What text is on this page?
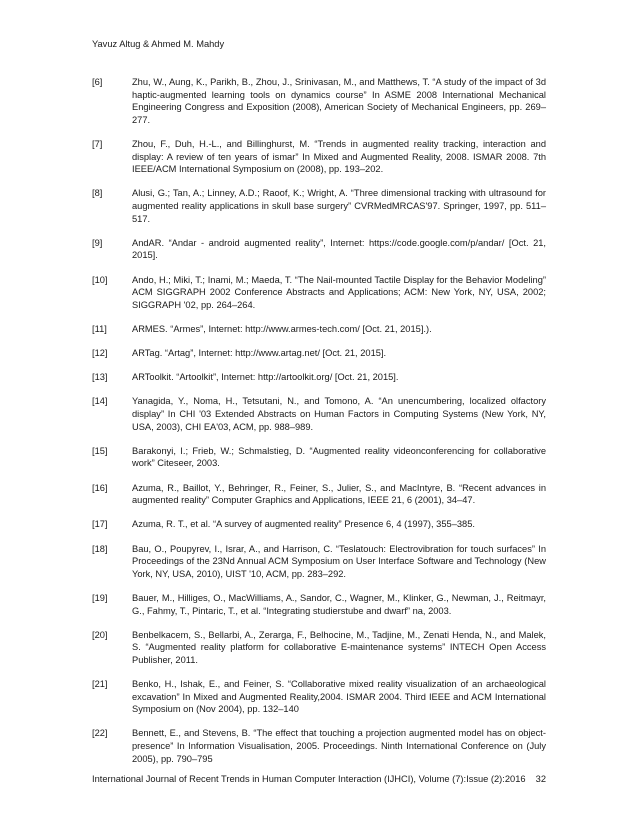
Yavuz Altug & Ahmed M. Mahdy
[6]	Zhu, W., Aung, K., Parikh, B., Zhou, J., Srinivasan, M., and Matthews, T. “A study of the impact of 3d haptic-augmented learning tools on dynamics course” In ASME 2008 International Mechanical Engineering Congress and Exposition (2008), American Society of Mechanical Engineers, pp. 269–277.
[7]	Zhou, F., Duh, H.-L., and Billinghurst, M. “Trends in augmented reality tracking, interaction and display: A review of ten years of ismar” In Mixed and Augmented Reality, 2008. ISMAR 2008. 7th IEEE/ACM International Symposium on (2008), pp. 193–202.
[8]	Alusi, G.; Tan, A.; Linney, A.D.; Raoof, K.; Wright, A. “Three dimensional tracking with ultrasound for augmented reality applications in skull base surgery” CVRMedMRCAS'97. Springer, 1997, pp. 511–517.
[9]	AndAR. “Andar - android augmented reality”, Internet: https://code.google.com/p/andar/ [Oct. 21, 2015].
[10]	Ando, H.; Miki, T.; Inami, M.; Maeda, T. “The Nail-mounted Tactile Display for the Behavior Modeling” ACM SIGGRAPH 2002 Conference Abstracts and Applications; ACM: New York, NY, USA, 2002; SIGGRAPH '02, pp. 264–264.
[11]	ARMES. “Armes”, Internet: http://www.armes-tech.com/ [Oct. 21, 2015].).
[12]	ARTag. “Artag”, Internet: http://www.artag.net/ [Oct. 21, 2015].
[13]	ARToolkit. “Artoolkit”, Internet: http://artoolkit.org/ [Oct. 21, 2015].
[14]	Yanagida, Y., Noma, H., Tetsutani, N., and Tomono, A. “An unencumbering, localized olfactory display” In CHI '03 Extended Abstracts on Human Factors in Computing Systems (New York, NY, USA, 2003), CHI EA'03, ACM, pp. 988–989.
[15]	Barakonyi, I.; Frieb, W.; Schmalstieg, D. “Augmented reality videonconferencing for collaborative work” Citeseer, 2003.
[16]	Azuma, R., Baillot, Y., Behringer, R., Feiner, S., Julier, S., and MacIntyre, B. “Recent advances in augmented reality” Computer Graphics and Applications, IEEE 21, 6 (2001), 34–47.
[17]	Azuma, R. T., et al. “A survey of augmented reality” Presence 6, 4 (1997), 355–385.
[18]	Bau, O., Poupyrev, I., Israr, A., and Harrison, C. “Teslatouch: Electrovibration for touch surfaces” In Proceedings of the 23Nd Annual ACM Symposium on User Interface Software and Technology (New York, NY, USA, 2010), UIST '10, ACM, pp. 283–292.
[19]	Bauer, M., Hilliges, O., MacWilliams, A., Sandor, C., Wagner, M., Klinker, G., Newman, J., Reitmayr, G., Fahmy, T., Pintaric, T., et al. “Integrating studierstube and dwarf” na, 2003.
[20]	Benbelkacem, S., Bellarbi, A., Zerarga, F., Belhocine, M., Tadjine, M., Zenati Henda, N., and Malek, S. “Augmented reality platform for collaborative E-maintenance systems” INTECH Open Access Publisher, 2011.
[21]	Benko, H., Ishak, E., and Feiner, S. “Collaborative mixed reality visualization of an archaeological excavation” In Mixed and Augmented Reality,2004. ISMAR 2004. Third IEEE and ACM International Symposium on (Nov 2004), pp. 132–140
[22]	Bennett, E., and Stevens, B. “The effect that touching a projection augmented model has on object-presence” In Information Visualisation, 2005. Proceedings. Ninth International Conference on (July 2005), pp. 790–795
International Journal of Recent Trends in Human Computer Interaction (IJHCI), Volume (7):Issue (2):2016 32
